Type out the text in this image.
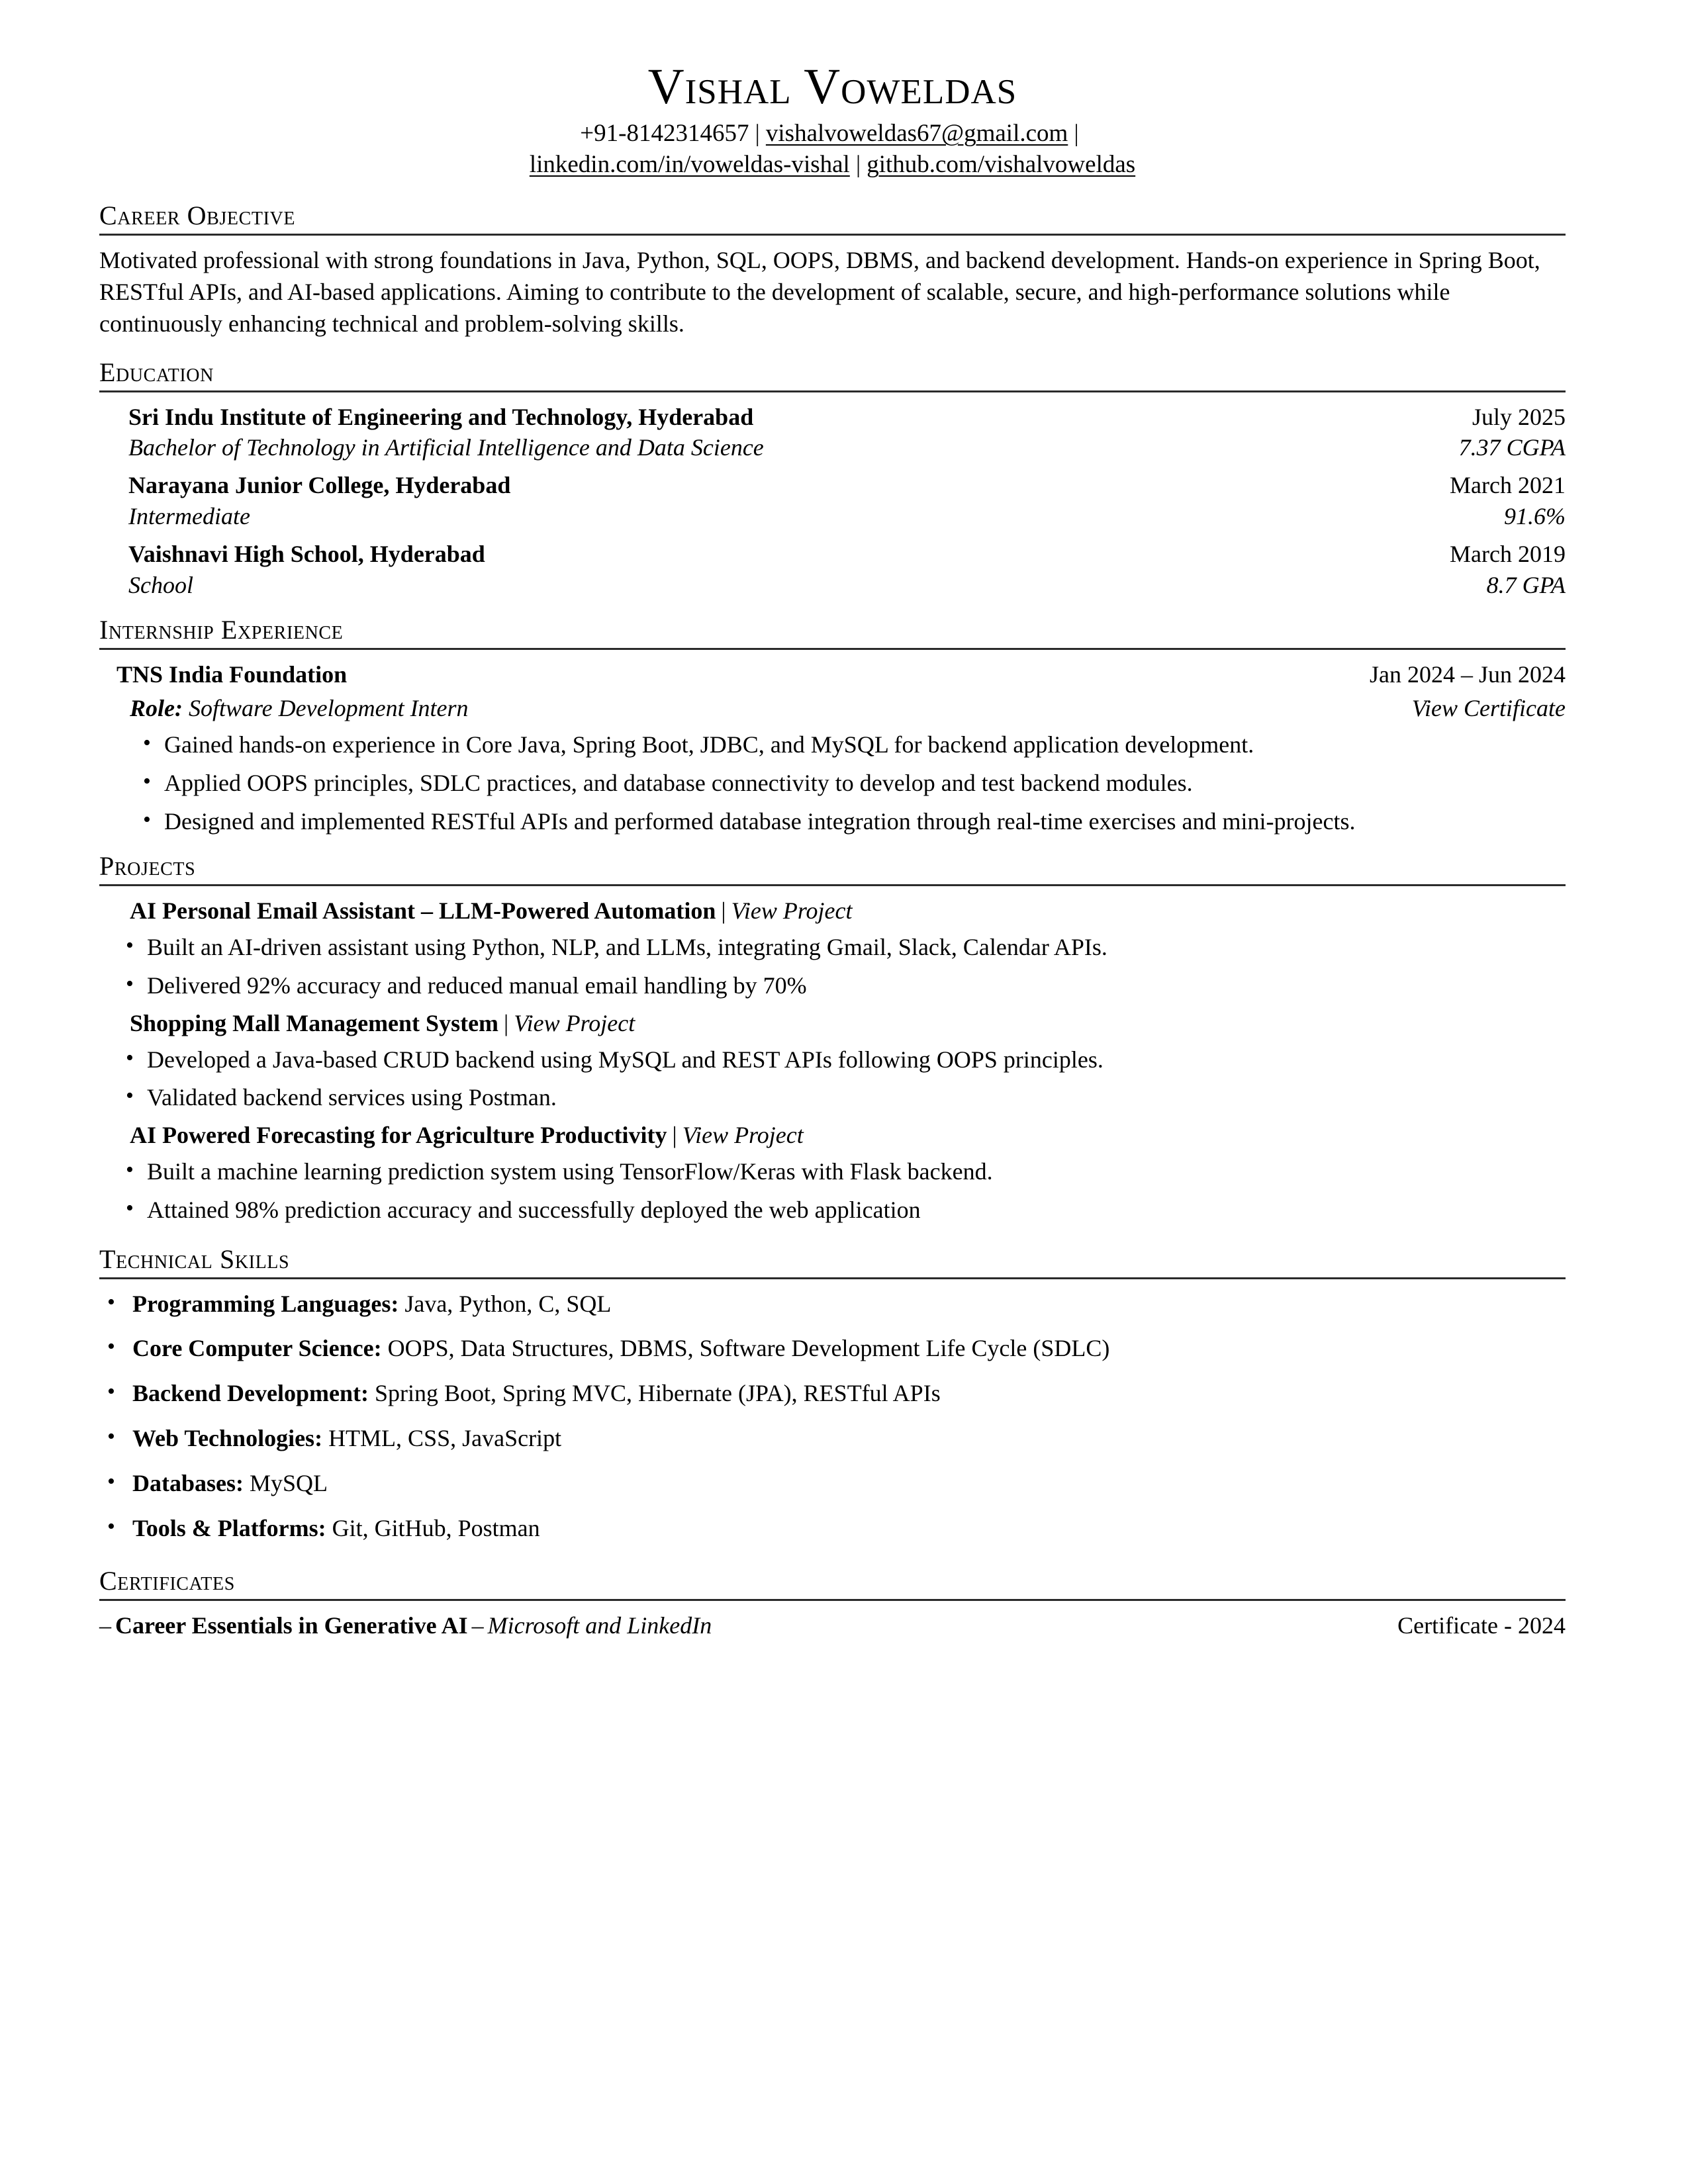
Vishal Voweldas
+91-8142314657 | vishalvoweldas67@gmail.com |
linkedin.com/in/voweldas-vishal | github.com/vishalvoweldas
Career Objective

Motivated professional with strong foundations in Java, Python, SQL, OOPS, DBMS, and backend development. Hands-on experience in Spring Boot, RESTful APIs, and AI-based applications. Aiming to contribute to the development of scalable, secure, and high-performance solutions while continuously enhancing technical and problem-solving skills.

Education
Sri Indu Institute of Engineering and Technology, Hyderabad	July 2025
Bachelor of Technology in Artificial Intelligence and Data Science	7.37 CGPA
Narayana Junior College, Hyderabad	March 2021
Intermediate	91.6%
Vaishnavi High School, Hyderabad	March 2019
School	8.7 GPA
Internship Experience
TNS India Foundation	Jan 2024 – Jun 2024
Role: Software Development Intern	View Certificate
• Gained hands-on experience in Core Java, Spring Boot, JDBC, and MySQL for backend application development.
• Applied OOPS principles, SDLC practices, and database connectivity to develop and test backend modules.
• Designed and implemented RESTful APIs and performed database integration through real-time exercises and mini-projects.
Projects
AI Personal Email Assistant – LLM-Powered Automation | View Project
• Built an AI-driven assistant using Python, NLP, and LLMs, integrating Gmail, Slack, Calendar APIs.
• Delivered 92% accuracy and reduced manual email handling by 70%
Shopping Mall Management System | View Project
• Developed a Java-based CRUD backend using MySQL and REST APIs following OOPS principles.
• Validated backend services using Postman.
AI Powered Forecasting for Agriculture Productivity | View Project
• Built a machine learning prediction system using TensorFlow/Keras with Flask backend.
• Attained 98% prediction accuracy and successfully deployed the web application
Technical Skills
• Programming Languages: Java, Python, C, SQL
• Core Computer Science: OOPS, Data Structures, DBMS, Software Development Life Cycle (SDLC)
• Backend Development: Spring Boot, Spring MVC, Hibernate (JPA), RESTful APIs
• Web Technologies: HTML, CSS, JavaScript
• Databases: MySQL
• Tools & Platforms: Git, GitHub, Postman
Certificates
– Career Essentials in Generative AI – Microsoft and LinkedIn	Certificate - 2024
